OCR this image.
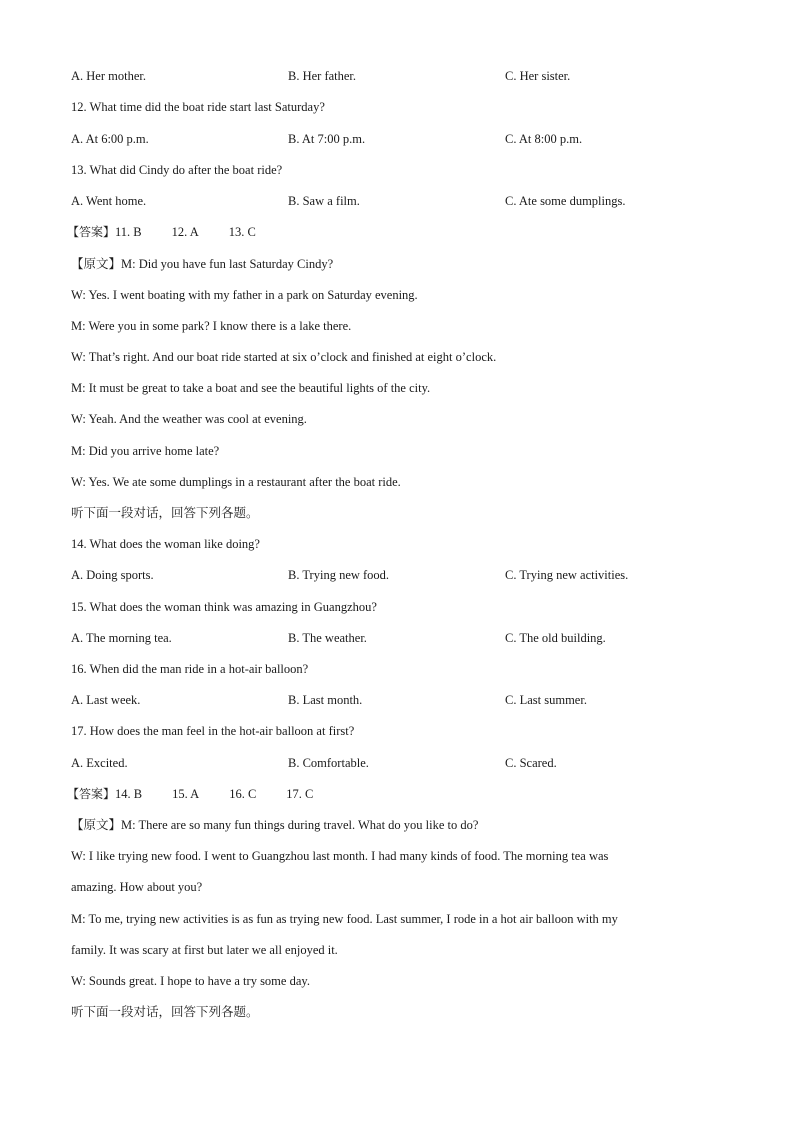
A. Her mother.	B. Her father.	C. Her sister.
12. What time did the boat ride start last Saturday?
A. At 6:00 p.m.	B. At 7:00 p.m.	C. At 8:00 p.m.
13. What did Cindy do after the boat ride?
A. Went home.	B. Saw a film.	C. Ate some dumplings.
【答案】11. B 12. A 13. C
【原文】M: Did you have fun last Saturday Cindy?
W: Yes. I went boating with my father in a park on Saturday evening.
M: Were you in some park? I know there is a lake there.
W: That’s right. And our boat ride started at six o’clock and finished at eight o’clock.
M: It must be great to take a boat and see the beautiful lights of the city.
W: Yeah. And the weather was cool at evening.
M: Did you arrive home late?
W: Yes. We ate some dumplings in a restaurant after the boat ride.
听下面一段对话，回答下列各题。
14. What does the woman like doing?
A. Doing sports.	B. Trying new food.	C. Trying new activities.
15. What does the woman think was amazing in Guangzhou?
A. The morning tea.	B. The weather.	C. The old building.
16. When did the man ride in a hot-air balloon?
A. Last week.	B. Last month.	C. Last summer.
17. How does the man feel in the hot-air balloon at first?
A. Excited.	B. Comfortable.	C. Scared.
【答案】14. B 15. A 16. C 17. C
【原文】M: There are so many fun things during travel. What do you like to do?
W: I like trying new food. I went to Guangzhou last month. I had many kinds of food. The morning tea was
amazing. How about you?
M: To me, trying new activities is as fun as trying new food. Last summer, I rode in a hot air balloon with my
family. It was scary at first but later we all enjoyed it.
W: Sounds great. I hope to have a try some day.
听下面一段对话，回答下列各题。
